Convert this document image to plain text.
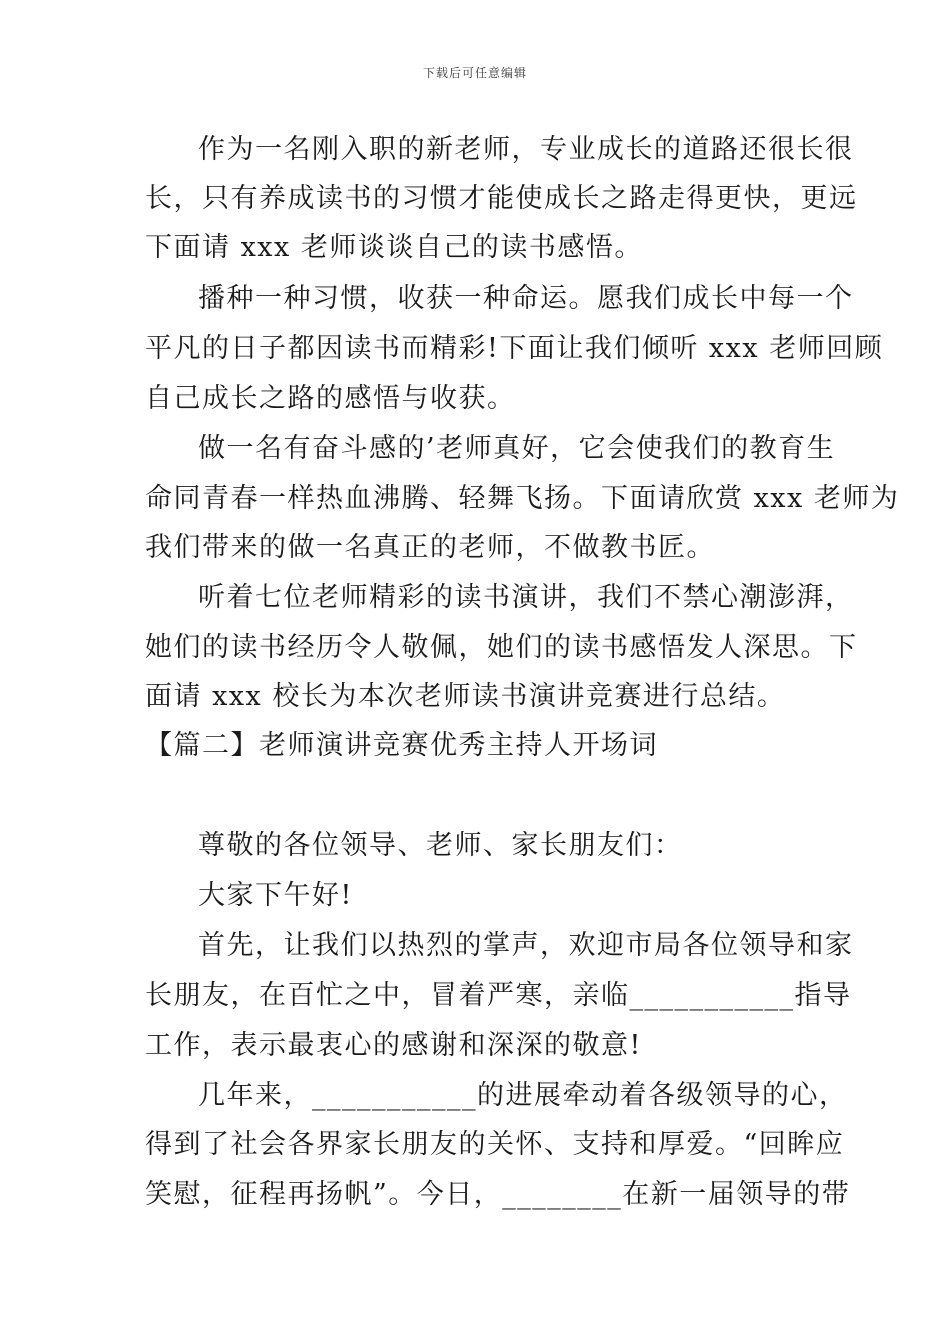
下载后可任意编辑
作为一名刚入职的新老师，专业成长的道路还很长很
长，只有养成读书的习惯才能使成长之路走得更快，更远
下面请 xxx 老师谈谈自己的读书感悟。
播种一种习惯，收获一种命运。愿我们成长中每一个
平凡的日子都因读书而精彩!下面让我们倾听 xxx 老师回顾
自己成长之路的感悟与收获。
做一名有奋斗感的’老师真好，它会使我们的教育生
命同青春一样热血沸腾、轻舞飞扬。下面请欣赏 xxx 老师为
我们带来的做一名真正的老师，不做教书匠。
听着七位老师精彩的读书演讲，我们不禁心潮澎湃，
她们的读书经历令人敬佩，她们的读书感悟发人深思。下
面请 xxx 校长为本次老师读书演讲竞赛进行总结。
【篇二】老师演讲竞赛优秀主持人开场词
尊敬的各位领导、老师、家长朋友们：
大家下午好!
首先，让我们以热烈的掌声，欢迎市局各位领导和家
长朋友，在百忙之中，冒着严寒，亲临___________指导
工作，表示最衷心的感谢和深深的敬意!
几年来，___________的进展牵动着各级领导的心，
得到了社会各界家长朋友的关怀、支持和厚爱。“回眸应
笑慰，征程再扬帆”。今日，________在新一届领导的带
